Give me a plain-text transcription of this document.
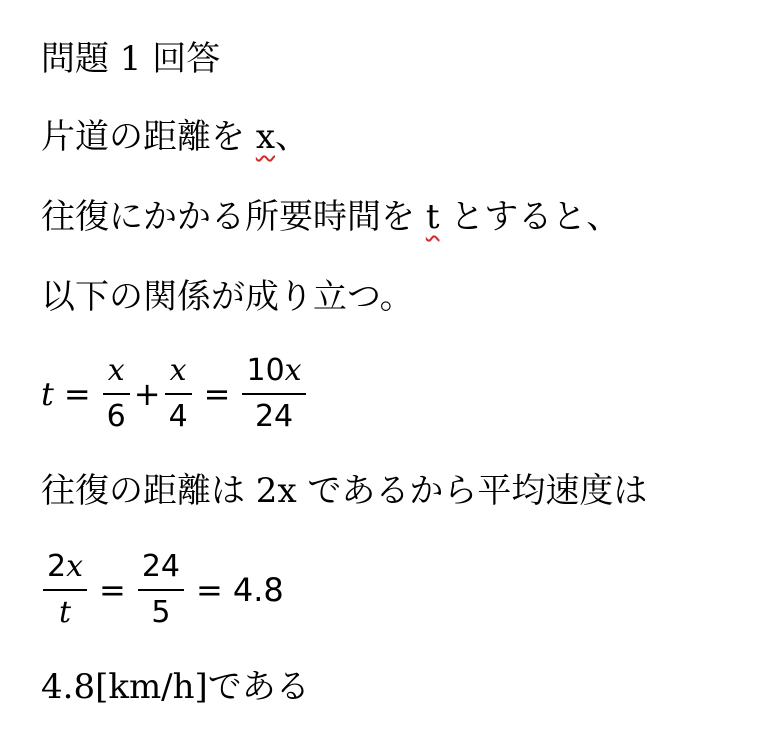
問題 1 回答
片道の距離を x、
往復にかかる所要時間を t とすると、
以下の関係が成り立つ。
$t = \frac{x}{6} + \frac{x}{4} = \frac{10x}{24}$
往復の距離は 2x であるから平均速度は
$\frac{2x}{t} = \frac{24}{5} = 4.8$
4.8[km/h]である
